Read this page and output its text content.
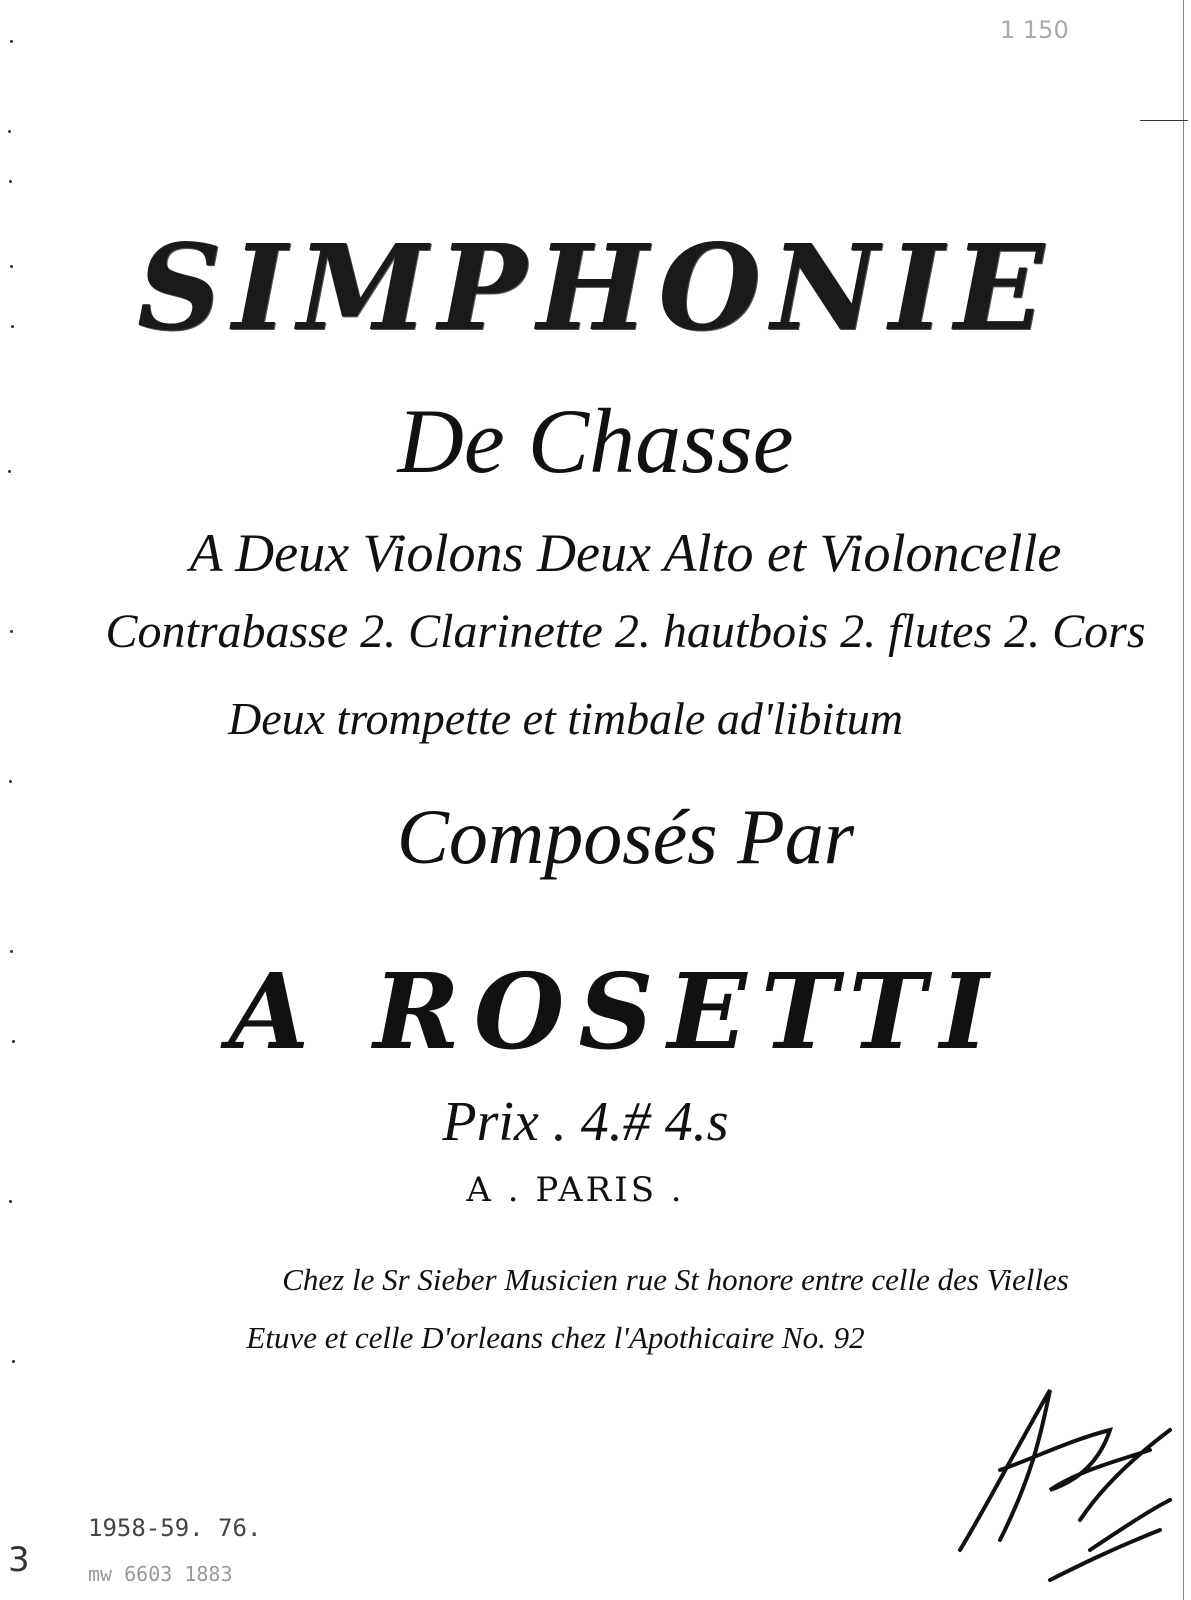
1 150
SIMPHONIE
De Chasse
A Deux Violons Deux Alto et Violoncelle
Contrabasse 2. Clarinette 2. hautbois 2. flutes 2. Cors
Deux trompette et timbale ad'libitum
Composés Par
A ROSETTI
Prix . 4.# 4.s
A . PARIS .
Chez le Sr Sieber Musicien rue St honore entre celle des Vielles
Etuve et celle D'orleans chez l'Apothicaire No. 92
1958-59. 76.
mw 6603 1883
3
